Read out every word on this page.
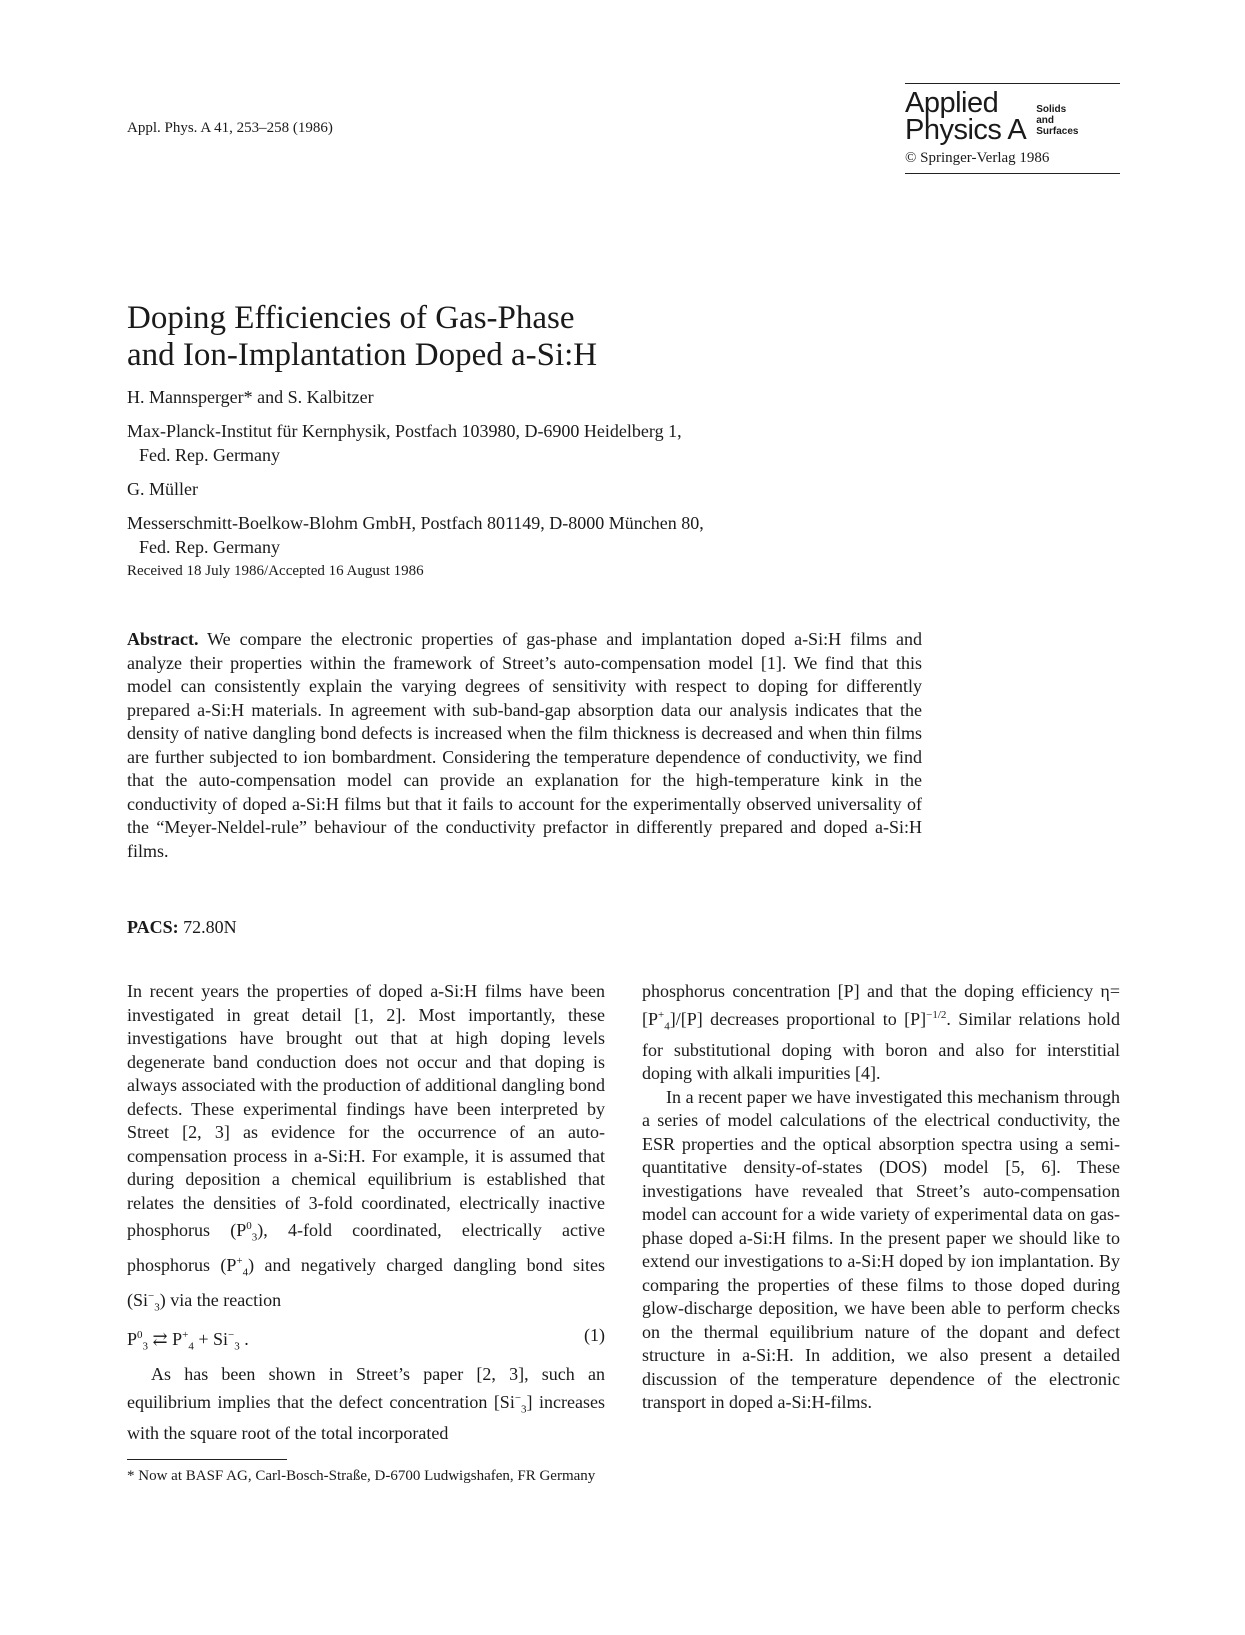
Appl. Phys. A 41, 253–258 (1986)
Applied
Physics A
Solids
and
Surfaces
© Springer-Verlag 1986
Doping Efficiencies of Gas-Phase
and Ion-Implantation Doped a-Si:H

H. Mannsperger* and S. Kalbitzer

Max-Planck-Institut für Kernphysik, Postfach 103980, D-6900 Heidelberg 1,

Fed. Rep. Germany

G. Müller

Messerschmitt-Boelkow-Blohm GmbH, Postfach 801149, D-8000 München 80,

Fed. Rep. Germany

Received 18 July 1986/Accepted 16 August 1986

Abstract. We compare the electronic properties of gas-phase and implantation doped a-Si:H films and analyze their properties within the framework of Street’s auto-compensation model [1]. We find that this model can consistently explain the varying degrees of sensitivity with respect to doping for differently prepared a-Si:H materials. In agreement with sub-band-gap absorption data our analysis indicates that the density of native dangling bond defects is increased when the film thickness is decreased and when thin films are further subjected to ion bombardment. Considering the temperature dependence of conductivity, we find that the auto-compensation model can provide an explanation for the high-temperature kink in the conductivity of doped a-Si:H films but that it fails to account for the experimentally observed universality of the “Meyer-Neldel-rule” behaviour of the conductivity prefactor in differently prepared and doped a-Si:H films.
PACS: 72.80N

In recent years the properties of doped a-Si:H films have been investigated in great detail [1, 2]. Most importantly, these investigations have brought out that at high doping levels degenerate band conduction does not occur and that doping is always associated with the production of additional dangling bond defects. These experimental findings have been interpreted by Street [2, 3] as evidence for the occurrence of an auto-compensation process in a-Si:H. For example, it is assumed that during deposition a chemical equilibrium is established that relates the densities of 3-fold coordinated, electrically inactive phosphorus $(P^0_3)$, 4-fold coordinated, electrically active phosphorus $(P^+_4)$ and negatively charged dangling bond sites $(Si^-_3)$ via the reaction

$P^0_3$ ⇄ $P^+_4 + Si^-_3$ .	(1)

As has been shown in Street’s paper [2, 3], such an equilibrium implies that the defect concentration $[Si^-_3]$ increases with the square root of the total incorporated

* Now at BASF AG, Carl-Bosch-Straße, D-6700 Ludwigshafen, FR Germany

phosphorus concentration [P] and that the doping efficiency $\eta=[P^+_4]/[P]$ decreases proportional to $[P]^{-1/2}$. Similar relations hold for substitutional doping with boron and also for interstitial doping with alkali impurities [4].

In a recent paper we have investigated this mechanism through a series of model calculations of the electrical conductivity, the ESR properties and the optical absorption spectra using a semi-quantitative density-of-states (DOS) model [5, 6]. These investigations have revealed that Street’s auto-compensation model can account for a wide variety of experimental data on gas-phase doped a-Si:H films. In the present paper we should like to extend our investigations to a-Si:H doped by ion implantation. By comparing the properties of these films to those doped during glow-discharge deposition, we have been able to perform checks on the thermal equilibrium nature of the dopant and defect structure in a-Si:H. In addition, we also present a detailed discussion of the temperature dependence of the electronic transport in doped a-Si:H-films.
